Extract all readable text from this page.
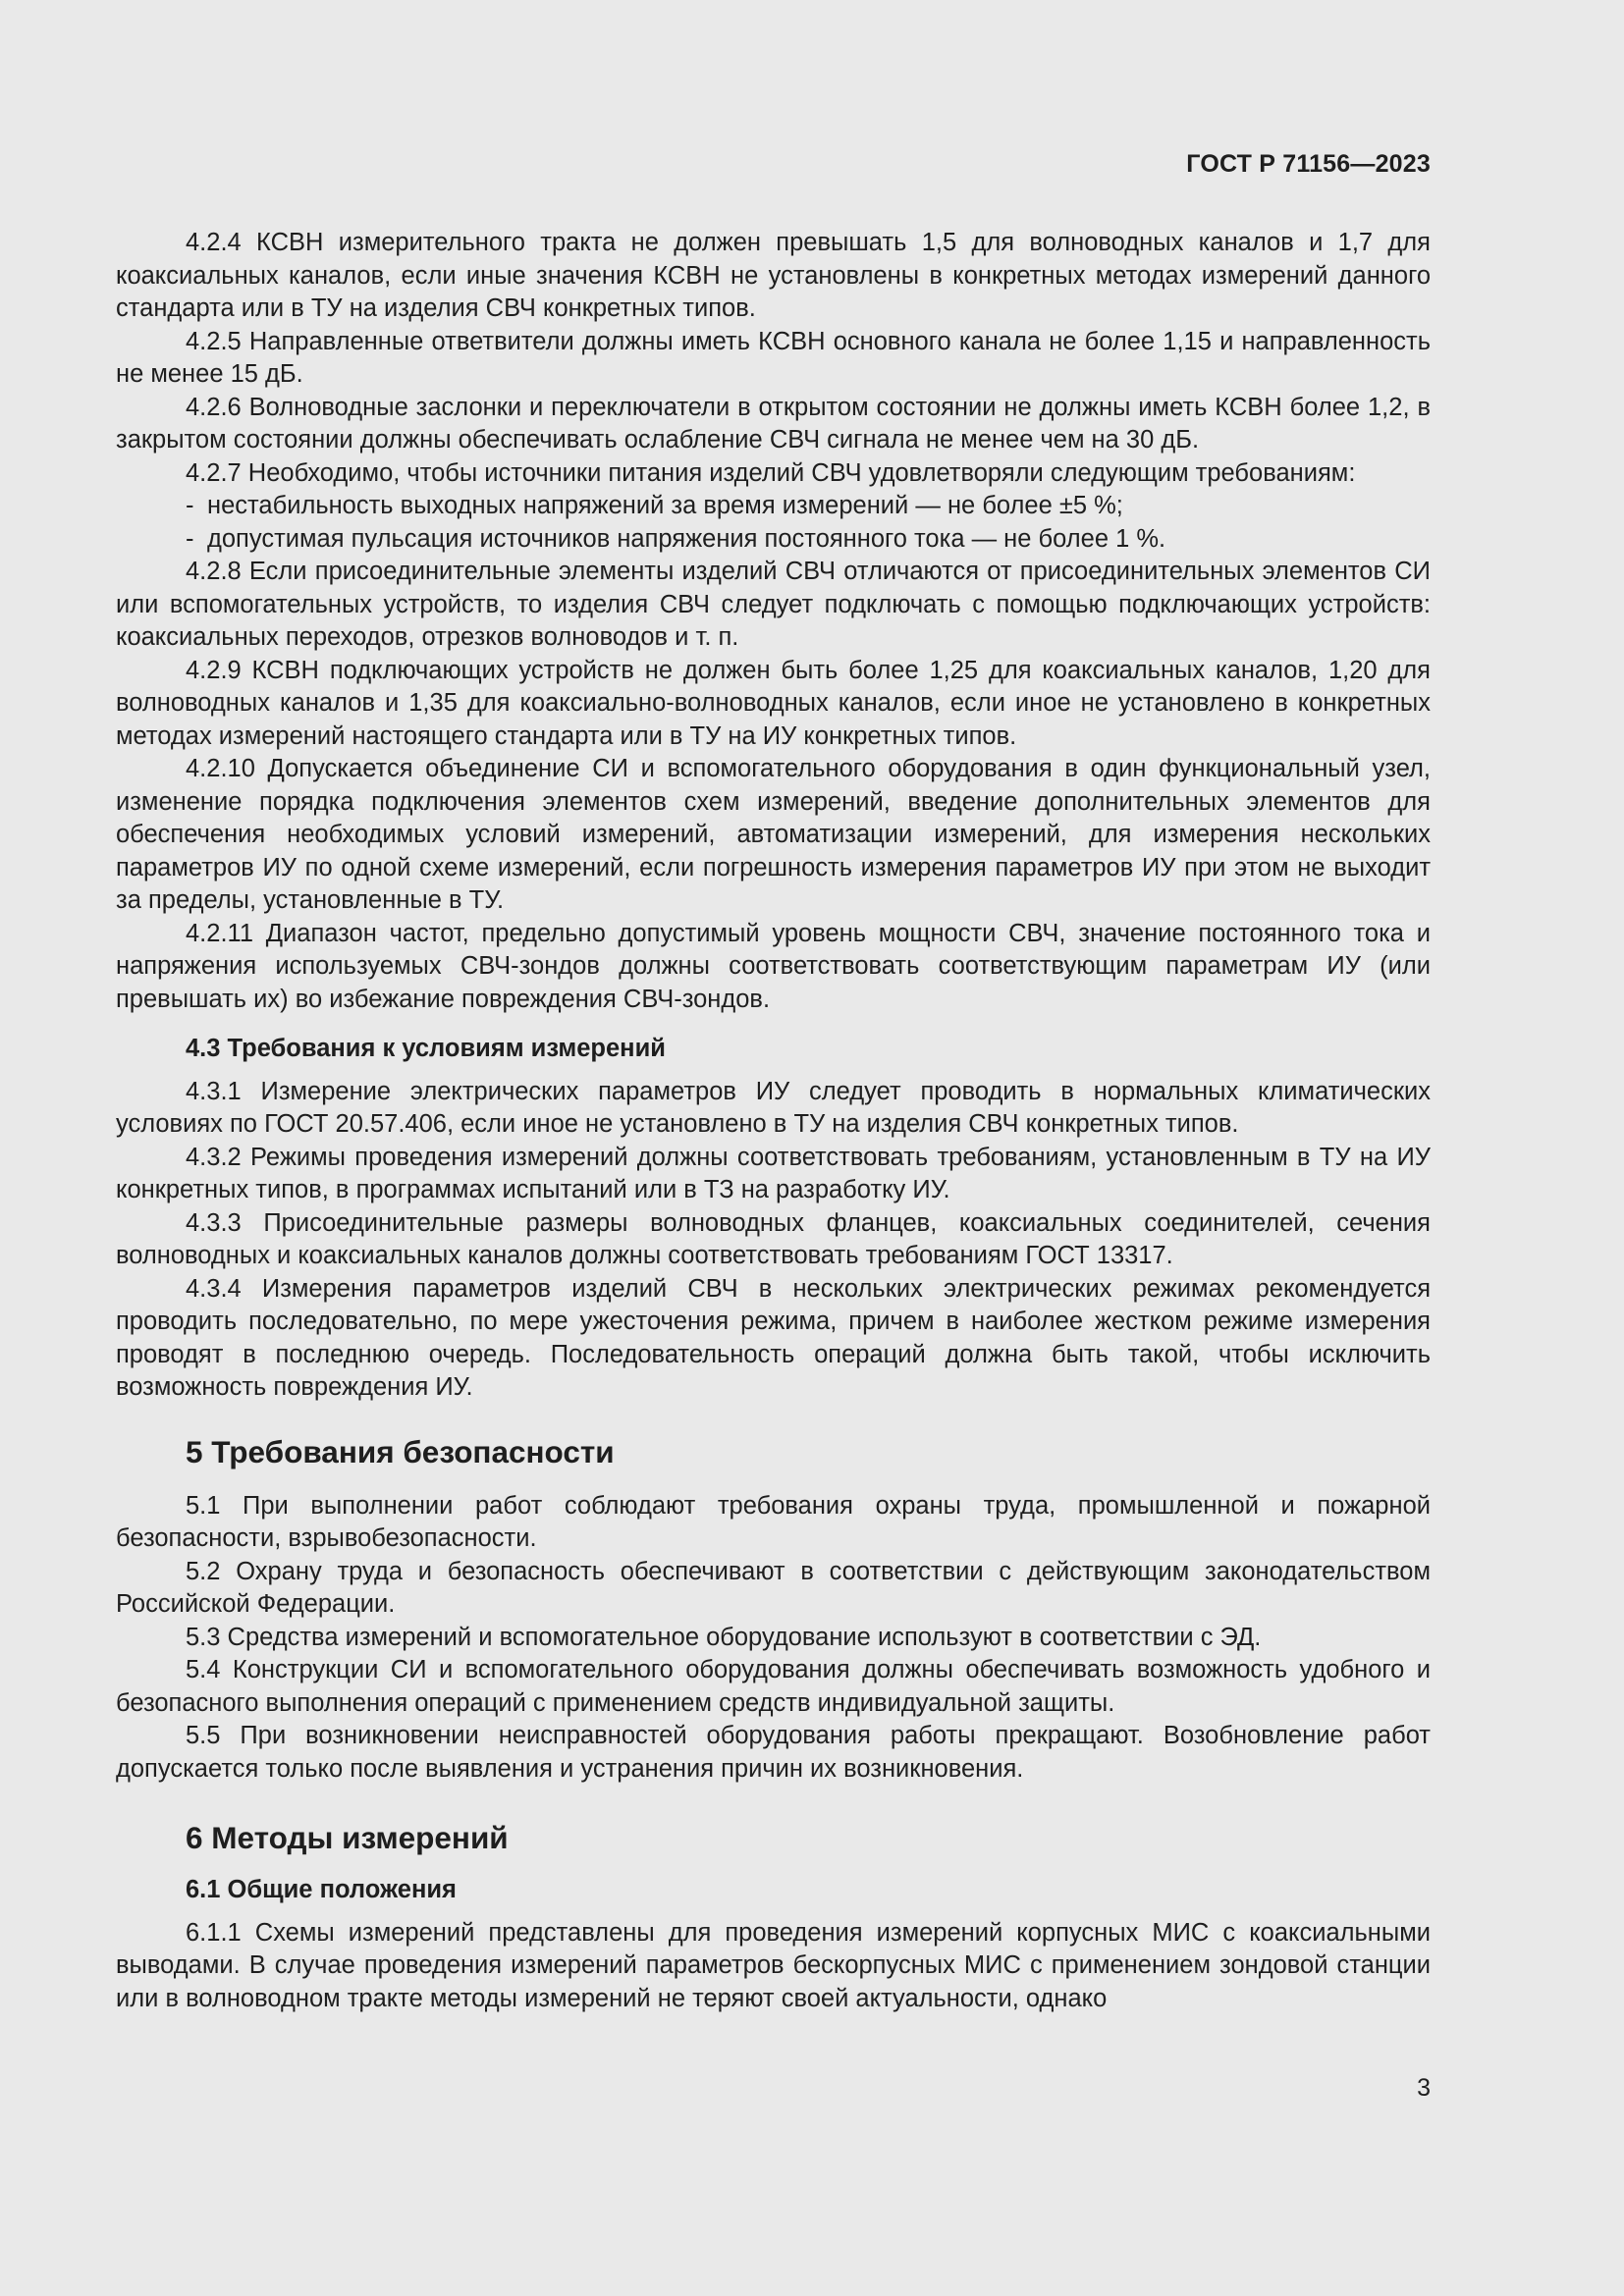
ГОСТ Р 71156—2023

4.2.4 КСВН измерительного тракта не должен превышать 1,5 для волноводных каналов и 1,7 для коаксиальных каналов, если иные значения КСВН не установлены в конкретных методах измерений данного стандарта или в ТУ на изделия СВЧ конкретных типов.

4.2.5 Направленные ответвители должны иметь КСВН основного канала не более 1,15 и направленность не менее 15 дБ.

4.2.6 Волноводные заслонки и переключатели в открытом состоянии не должны иметь КСВН более 1,2, в закрытом состоянии должны обеспечивать ослабление СВЧ сигнала не менее чем на 30 дБ.

4.2.7 Необходимо, чтобы источники питания изделий СВЧ удовлетворяли следующим требованиям:

- нестабильность выходных напряжений за время измерений — не более ±5 %;
- допустимая пульсация источников напряжения постоянного тока — не более 1 %.

4.2.8 Если присоединительные элементы изделий СВЧ отличаются от присоединительных элементов СИ или вспомогательных устройств, то изделия СВЧ следует подключать с помощью подключающих устройств: коаксиальных переходов, отрезков волноводов и т. п.

4.2.9 КСВН подключающих устройств не должен быть более 1,25 для коаксиальных каналов, 1,20 для волноводных каналов и 1,35 для коаксиально-волноводных каналов, если иное не установлено в конкретных методах измерений настоящего стандарта или в ТУ на ИУ конкретных типов.

4.2.10 Допускается объединение СИ и вспомогательного оборудования в один функциональный узел, изменение порядка подключения элементов схем измерений, введение дополнительных элементов для обеспечения необходимых условий измерений, автоматизации измерений, для измерения нескольких параметров ИУ по одной схеме измерений, если погрешность измерения параметров ИУ при этом не выходит за пределы, установленные в ТУ.

4.2.11 Диапазон частот, предельно допустимый уровень мощности СВЧ, значение постоянного тока и напряжения используемых СВЧ-зондов должны соответствовать соответствующим параметрам ИУ (или превышать их) во избежание повреждения СВЧ-зондов.

4.3 Требования к условиям измерений

4.3.1 Измерение электрических параметров ИУ следует проводить в нормальных климатических условиях по ГОСТ 20.57.406, если иное не установлено в ТУ на изделия СВЧ конкретных типов.

4.3.2 Режимы проведения измерений должны соответствовать требованиям, установленным в ТУ на ИУ конкретных типов, в программах испытаний или в ТЗ на разработку ИУ.

4.3.3 Присоединительные размеры волноводных фланцев, коаксиальных соединителей, сечения волноводных и коаксиальных каналов должны соответствовать требованиям ГОСТ 13317.

4.3.4 Измерения параметров изделий СВЧ в нескольких электрических режимах рекомендуется проводить последовательно, по мере ужесточения режима, причем в наиболее жестком режиме измерения проводят в последнюю очередь. Последовательность операций должна быть такой, чтобы исключить возможность повреждения ИУ.

5 Требования безопасности

5.1 При выполнении работ соблюдают требования охраны труда, промышленной и пожарной безопасности, взрывобезопасности.

5.2 Охрану труда и безопасность обеспечивают в соответствии с действующим законодательством Российской Федерации.

5.3 Средства измерений и вспомогательное оборудование используют в соответствии с ЭД.

5.4 Конструкции СИ и вспомогательного оборудования должны обеспечивать возможность удобного и безопасного выполнения операций с применением средств индивидуальной защиты.

5.5 При возникновении неисправностей оборудования работы прекращают. Возобновление работ допускается только после выявления и устранения причин их возникновения.

6 Методы измерений
6.1 Общие положения

6.1.1 Схемы измерений представлены для проведения измерений корпусных МИС с коаксиальными выводами. В случае проведения измерений параметров бескорпусных МИС с применением зондовой станции или в волноводном тракте методы измерений не теряют своей актуальности, однако

3
